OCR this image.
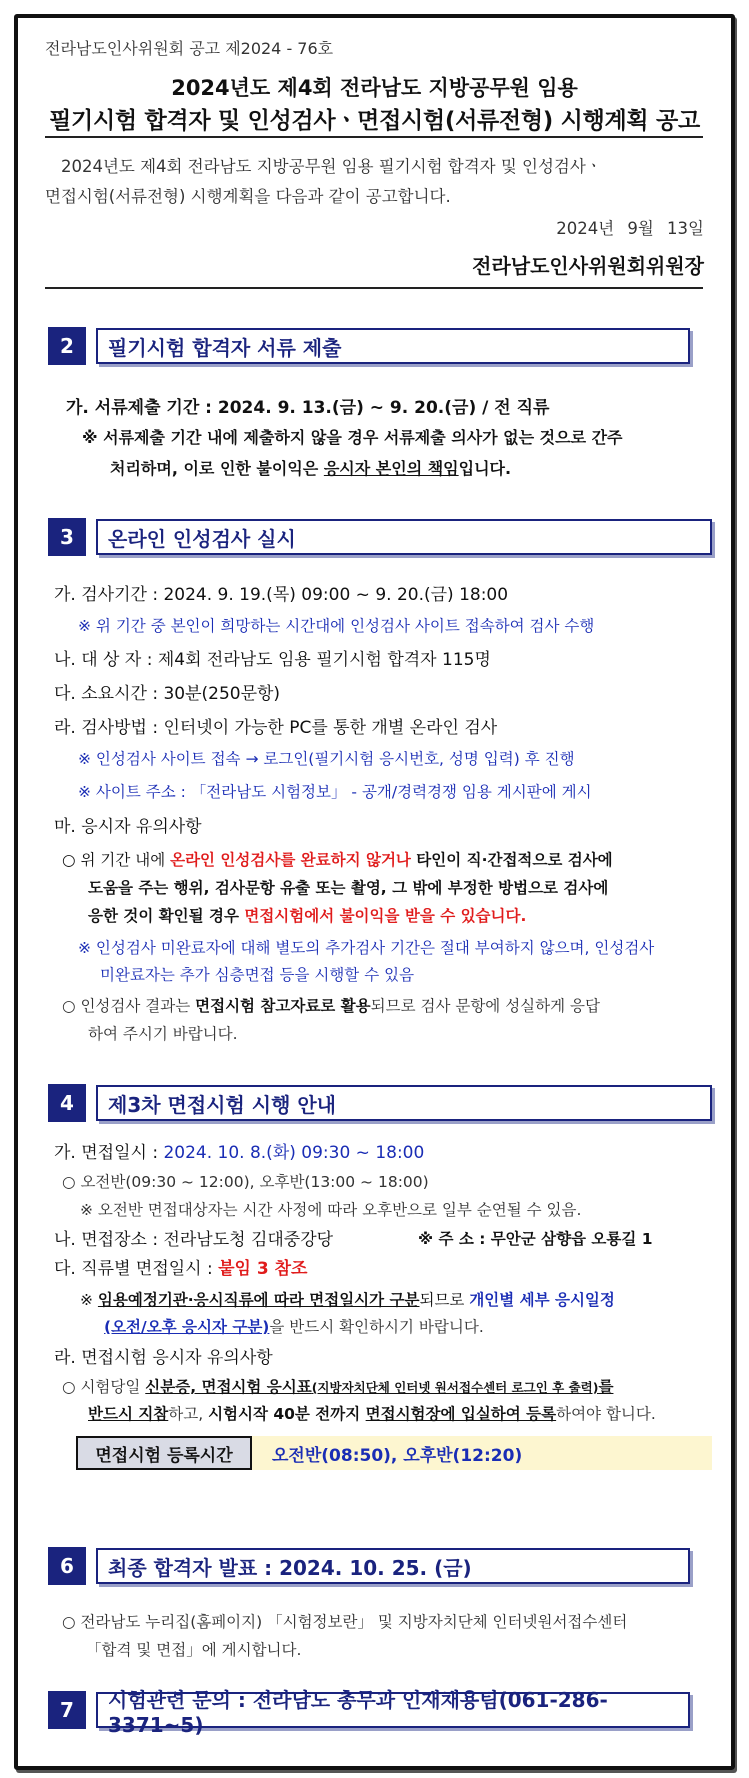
전라남도인사위원회 공고 제2024 - 76호
2024년도 제4회 전라남도 지방공무원 임용
필기시험 합격자 및 인성검사ㆍ면접시험(서류전형) 시행계획 공고
2024년도 제4회 전라남도 지방공무원 임용 필기시험 합격자 및 인성검사ㆍ
면접시험(서류전형) 시행계획을 다음과 같이 공고합니다.
2024년 9월 13일
전라남도인사위원회위원장
2	필기시험 합격자 서류 제출
가. 서류제출 기간 : 2024. 9. 13.(금) ~ 9. 20.(금) / 전 직류
※ 서류제출 기간 내에 제출하지 않을 경우 서류제출 의사가 없는 것으로 간주
처리하며, 이로 인한 불이익은 응시자 본인의 책임입니다.
3	온라인 인성검사 실시
가. 검사기간 : 2024. 9. 19.(목) 09:00 ~ 9. 20.(금) 18:00
※ 위 기간 중 본인이 희망하는 시간대에 인성검사 사이트 접속하여 검사 수행
나. 대 상 자 : 제4회 전라남도 임용 필기시험 합격자 115명
다. 소요시간 : 30분(250문항)
라. 검사방법 : 인터넷이 가능한 PC를 통한 개별 온라인 검사
※ 인성검사 사이트 접속 → 로그인(필기시험 응시번호, 성명 입력) 후 진행
※ 사이트 주소 : 「전라남도 시험정보」 - 공개/경력경쟁 임용 게시판에 게시
마. 응시자 유의사항
○ 위 기간 내에 온라인 인성검사를 완료하지 않거나 타인이 직·간접적으로 검사에
도움을 주는 행위, 검사문항 유출 또는 촬영, 그 밖에 부정한 방법으로 검사에
응한 것이 확인될 경우 면접시험에서 불이익을 받을 수 있습니다.
※ 인성검사 미완료자에 대해 별도의 추가검사 기간은 절대 부여하지 않으며, 인성검사
미완료자는 추가 심층면접 등을 시행할 수 있음
○ 인성검사 결과는 면접시험 참고자료로 활용되므로 검사 문항에 성실하게 응답
하여 주시기 바랍니다.
4	제3차 면접시험 시행 안내
가. 면접일시 : 2024. 10. 8.(화) 09:30 ~ 18:00
○ 오전반(09:30 ~ 12:00), 오후반(13:00 ~ 18:00)
※ 오전반 면접대상자는 시간 사정에 따라 오후반으로 일부 순연될 수 있음.
나. 면접장소 : 전라남도청 김대중강당	※ 주 소 : 무안군 삼향읍 오룡길 1
다. 직류별 면접일시 : 붙임 3 참조
※ 임용예정기관·응시직류에 따라 면접일시가 구분되므로 개인별 세부 응시일정
(오전/오후 응시자 구분)을 반드시 확인하시기 바랍니다.
라. 면접시험 응시자 유의사항
○ 시험당일 신분증, 면접시험 응시표(지방자치단체 인터넷 원서접수센터 로그인 후 출력)를
반드시 지참하고, 시험시작 40분 전까지 면접시험장에 입실하여 등록하여야 합니다.
면접시험 등록시간	오전반(08:50), 오후반(12:20)
6	최종 합격자 발표 : 2024. 10. 25. (금)
○ 전라남도 누리집(홈페이지) 「시험정보란」 및 지방자치단체 인터넷원서접수센터
「합격 및 면접」에 게시합니다.
7	시험관련 문의 : 전라남도 총무과 인재채용팀(061-286-3371~5)
